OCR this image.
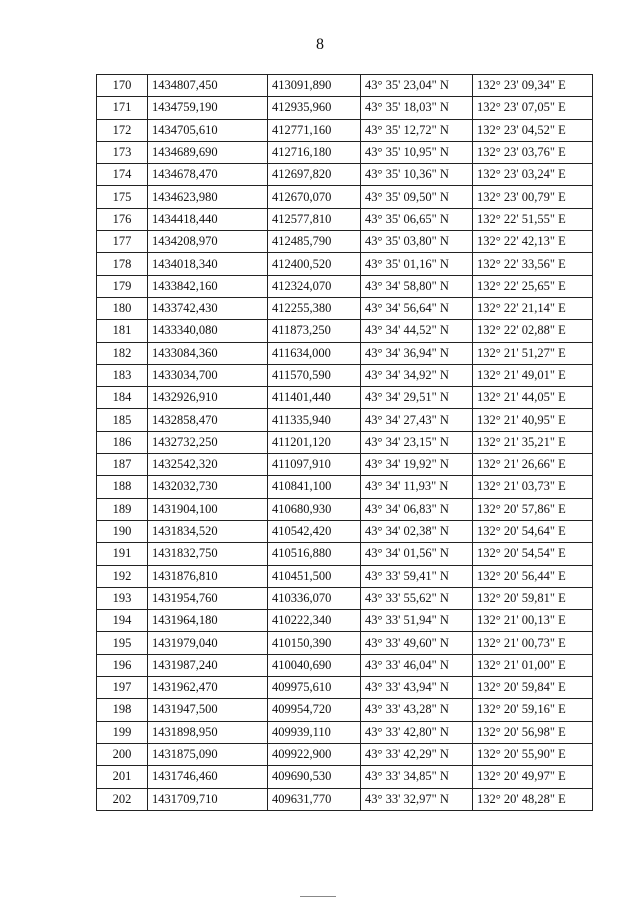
8
170	1434807,450	413091,890	43° 35' 23,04" N	132° 23' 09,34" E
171	1434759,190	412935,960	43° 35' 18,03" N	132° 23' 07,05" E
172	1434705,610	412771,160	43° 35' 12,72" N	132° 23' 04,52" E
173	1434689,690	412716,180	43° 35' 10,95" N	132° 23' 03,76" E
174	1434678,470	412697,820	43° 35' 10,36" N	132° 23' 03,24" E
175	1434623,980	412670,070	43° 35' 09,50" N	132° 23' 00,79" E
176	1434418,440	412577,810	43° 35' 06,65" N	132° 22' 51,55" E
177	1434208,970	412485,790	43° 35' 03,80" N	132° 22' 42,13" E
178	1434018,340	412400,520	43° 35' 01,16" N	132° 22' 33,56" E
179	1433842,160	412324,070	43° 34' 58,80" N	132° 22' 25,65" E
180	1433742,430	412255,380	43° 34' 56,64" N	132° 22' 21,14" E
181	1433340,080	411873,250	43° 34' 44,52" N	132° 22' 02,88" E
182	1433084,360	411634,000	43° 34' 36,94" N	132° 21' 51,27" E
183	1433034,700	411570,590	43° 34' 34,92" N	132° 21' 49,01" E
184	1432926,910	411401,440	43° 34' 29,51" N	132° 21' 44,05" E
185	1432858,470	411335,940	43° 34' 27,43" N	132° 21' 40,95" E
186	1432732,250	411201,120	43° 34' 23,15" N	132° 21' 35,21" E
187	1432542,320	411097,910	43° 34' 19,92" N	132° 21' 26,66" E
188	1432032,730	410841,100	43° 34' 11,93" N	132° 21' 03,73" E
189	1431904,100	410680,930	43° 34' 06,83" N	132° 20' 57,86" E
190	1431834,520	410542,420	43° 34' 02,38" N	132° 20' 54,64" E
191	1431832,750	410516,880	43° 34' 01,56" N	132° 20' 54,54" E
192	1431876,810	410451,500	43° 33' 59,41" N	132° 20' 56,44" E
193	1431954,760	410336,070	43° 33' 55,62" N	132° 20' 59,81" E
194	1431964,180	410222,340	43° 33' 51,94" N	132° 21' 00,13" E
195	1431979,040	410150,390	43° 33' 49,60" N	132° 21' 00,73" E
196	1431987,240	410040,690	43° 33' 46,04" N	132° 21' 01,00" E
197	1431962,470	409975,610	43° 33' 43,94" N	132° 20' 59,84" E
198	1431947,500	409954,720	43° 33' 43,28" N	132° 20' 59,16" E
199	1431898,950	409939,110	43° 33' 42,80" N	132° 20' 56,98" E
200	1431875,090	409922,900	43° 33' 42,29" N	132° 20' 55,90" E
201	1431746,460	409690,530	43° 33' 34,85" N	132° 20' 49,97" E
202	1431709,710	409631,770	43° 33' 32,97" N	132° 20' 48,28" E
